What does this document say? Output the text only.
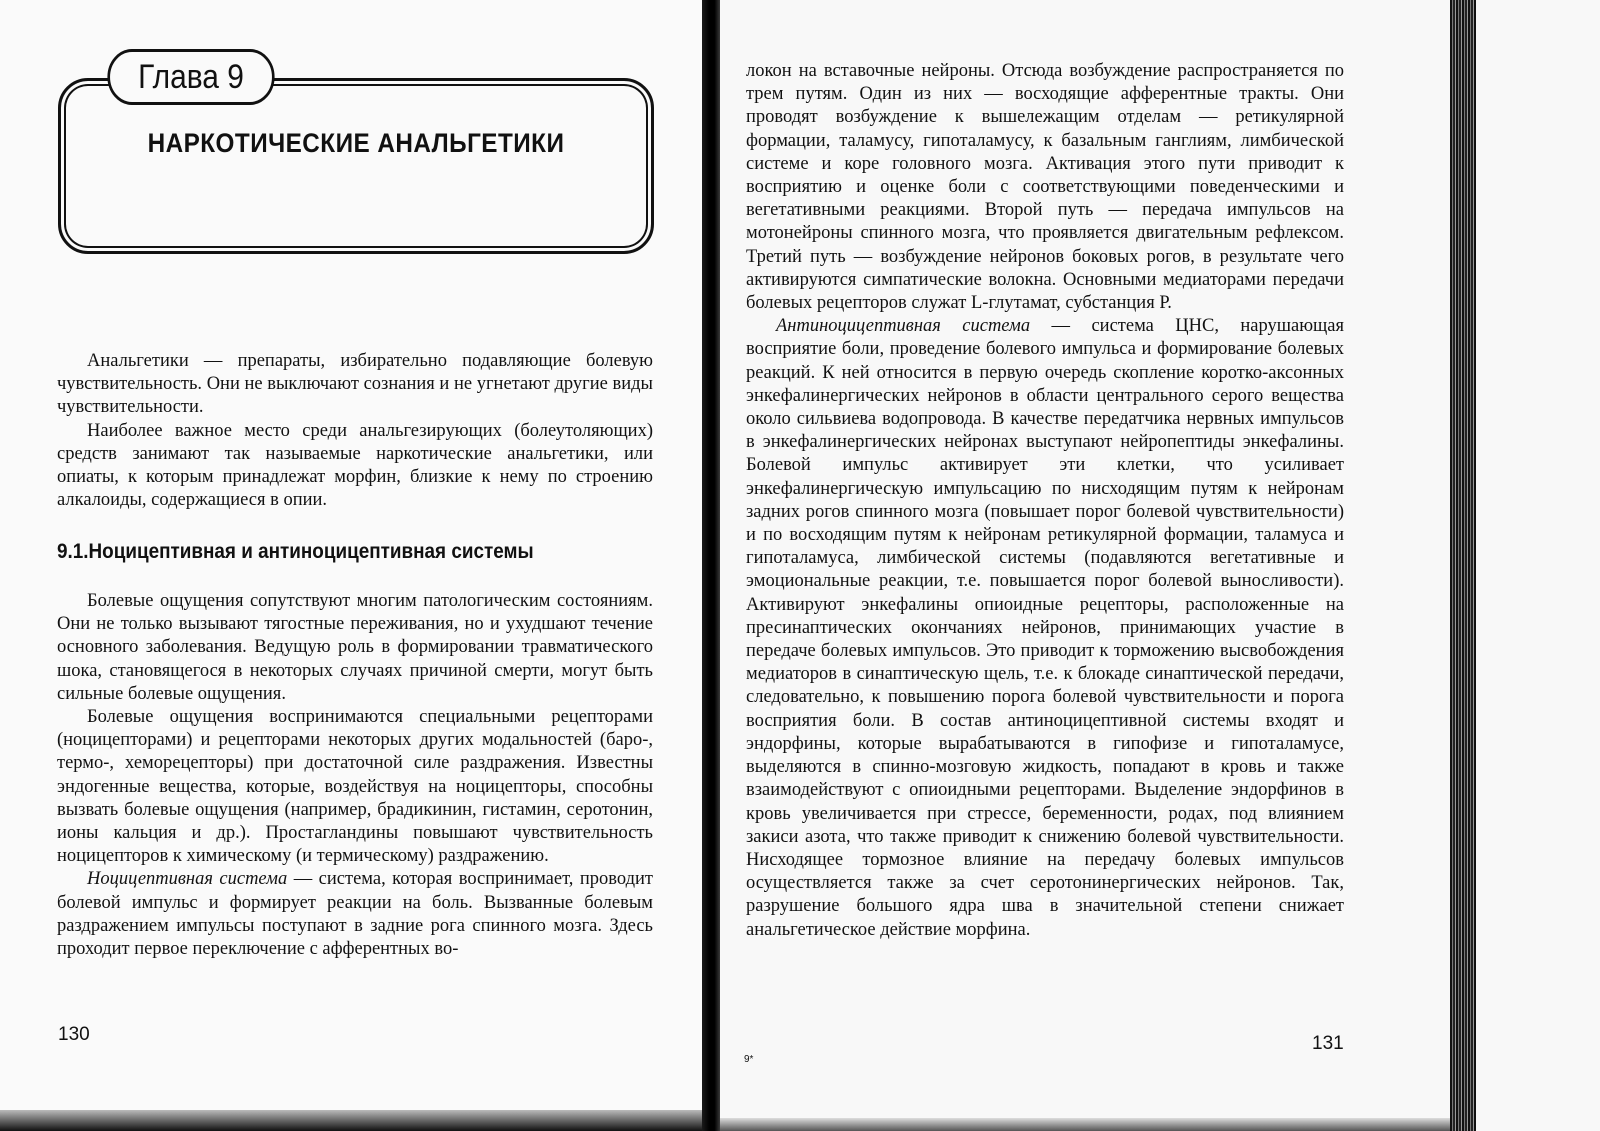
Глава 9
НАРКОТИЧЕСКИЕ АНАЛЬГЕТИКИ

Анальгетики — препараты, избирательно подавляющие болевую чувствительность. Они не выключают сознания и не угнетают другие виды чувствительности.

Наиболее важное место среди анальгезирующих (болеутоляющих) средств занимают так называемые наркотические анальгетики, или опиаты, к которым принадлежат морфин, близкие к нему по строению алкалоиды, содержащиеся в опии.

9.1.Ноцицептивная и антиноцицептивная системы

Болевые ощущения сопутствуют многим патологическим состояниям. Они не только вызывают тягостные переживания, но и ухудшают течение основного заболевания. Ведущую роль в формировании травматического шока, становящегося в некоторых случаях причиной смерти, могут быть сильные болевые ощущения.

Болевые ощущения воспринимаются специальными рецепторами (ноцицепторами) и рецепторами некоторых других модальностей (баро-, термо-, хеморецепторы) при достаточной силе раздражения. Известны эндогенные вещества, которые, воздействуя на ноцицепторы, способны вызвать болевые ощущения (например, брадикинин, гистамин, серотонин, ионы кальция и др.). Простагландины повышают чувствительность ноцицепторов к химическому (и термическому) раздражению.

Ноцицептивная система — система, которая воспринимает, проводит болевой импульс и формирует реакции на боль. Вызванные болевым раздражением импульсы поступают в задние рога спинного мозга. Здесь проходит первое переключение с афферентных во-

130

локон на вставочные нейроны. Отсюда возбуждение распространяется по трем путям. Один из них — восходящие афферентные тракты. Они проводят возбуждение к вышележащим отделам — ретикулярной формации, таламусу, гипоталамусу, к базальным ганглиям, лимбической системе и коре головного мозга. Активация этого пути приводит к восприятию и оценке боли с соответствующими поведенческими и вегетативными реакциями. Второй путь — передача импульсов на мотонейроны спинного мозга, что проявляется двигательным рефлексом. Третий путь — возбуждение нейронов боковых рогов, в результате чего активируются симпатические волокна. Основными медиаторами передачи болевых рецепторов служат L-глутамат, субстанция Р.

Антиноцицептивная система — система ЦНС, нарушающая восприятие боли, проведение болевого импульса и формирование болевых реакций. К ней относится в первую очередь скопление коротко-аксонных энкефалинергических нейронов в области центрального серого вещества около сильвиева водопровода. В качестве передатчика нервных импульсов в энкефалинергических нейронах выступают нейропептиды энкефалины. Болевой импульс активирует эти клетки, что усиливает энкефалинергическую импульсацию по нисходящим путям к нейронам задних рогов спинного мозга (повышает порог болевой чувствительности) и по восходящим путям к нейронам ретикулярной формации, таламуса и гипоталамуса, лимбической системы (подавляются вегетативные и эмоциональные реакции, т.е. повышается порог болевой выносливости). Активируют энкефалины опиоидные рецепторы, расположенные на пресинаптических окончаниях нейронов, принимающих участие в передаче болевых импульсов. Это приводит к торможению высвобождения медиаторов в синаптическую щель, т.е. к блокаде синаптической передачи, следовательно, к повышению порога болевой чувствительности и порога восприятия боли. В состав антиноцицептивной системы входят и эндорфины, которые вырабатываются в гипофизе и гипоталамусе, выделяются в спинно-мозговую жидкость, попадают в кровь и также взаимодействуют с опиоидными рецепторами. Выделение эндорфинов в кровь увеличивается при стрессе, беременности, родах, под влиянием закиси азота, что также приводит к снижению болевой чувствительности. Нисходящее тормозное влияние на передачу болевых импульсов осуществляется также за счет серотонинергических нейронов. Так, разрушение большого ядра шва в значительной степени снижает анальгетическое действие морфина.

9*
131
